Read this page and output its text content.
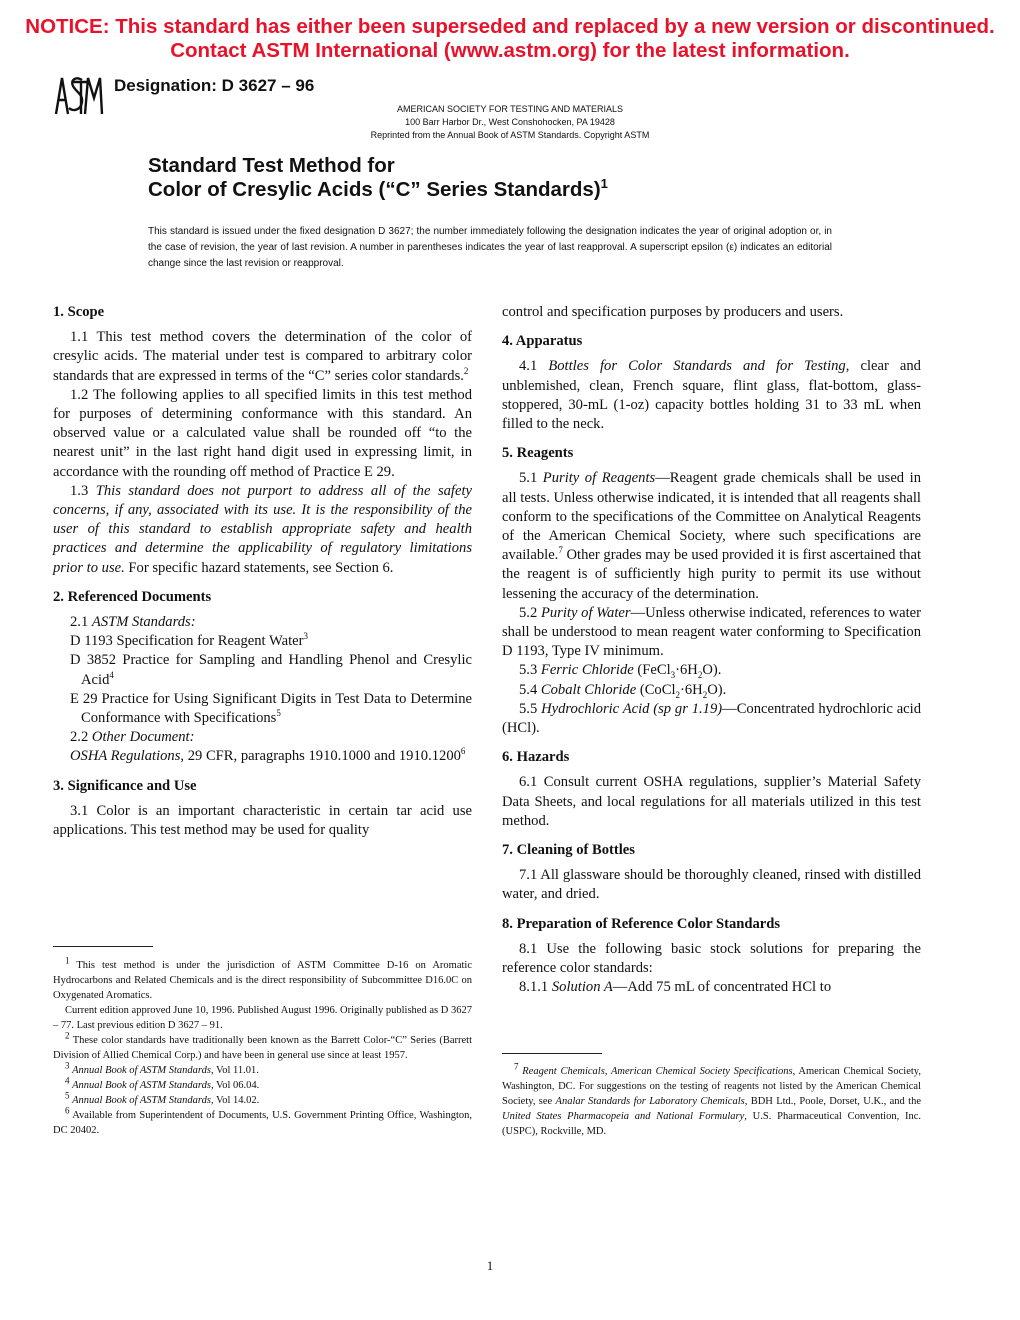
NOTICE: This standard has either been superseded and replaced by a new version or discontinued.
Contact ASTM International (www.astm.org) for the latest information.
Designation: D 3627 – 96
AMERICAN SOCIETY FOR TESTING AND MATERIALS
100 Barr Harbor Dr., West Conshohocken, PA 19428
Reprinted from the Annual Book of ASTM Standards. Copyright ASTM
Standard Test Method for
Color of Cresylic Acids (“C” Series Standards)$^1$
This standard is issued under the fixed designation D 3627; the number immediately following the designation indicates the year of original adoption or, in the case of revision, the year of last revision. A number in parentheses indicates the year of last reapproval. A superscript epsilon (ε) indicates an editorial change since the last revision or reapproval.
1. Scope

1.1 This test method covers the determination of the color of cresylic acids. The material under test is compared to arbitrary color standards that are expressed in terms of the “C” series color standards.$^2$

1.2 The following applies to all specified limits in this test method for purposes of determining conformance with this standard. An observed value or a calculated value shall be rounded off “to the nearest unit” in the last right hand digit used in expressing limit, in accordance with the rounding off method of Practice E 29.

1.3 This standard does not purport to address all of the safety concerns, if any, associated with its use. It is the responsibility of the user of this standard to establish appropriate safety and health practices and determine the applicability of regulatory limitations prior to use. For specific hazard statements, see Section 6.

2. Referenced Documents

2.1 ASTM Standards:

D 1193 Specification for Reagent Water$^3$

D 3852 Practice for Sampling and Handling Phenol and Cresylic Acid$^4$

E 29 Practice for Using Significant Digits in Test Data to Determine Conformance with Specifications$^5$

2.2 Other Document:

OSHA Regulations, 29 CFR, paragraphs 1910.1000 and 1910.1200$^6$

3. Significance and Use

3.1 Color is an important characteristic in certain tar acid use applications. This test method may be used for quality

$^1$ This test method is under the jurisdiction of ASTM Committee D-16 on Aromatic Hydrocarbons and Related Chemicals and is the direct responsibility of Subcommittee D16.0C on Oxygenated Aromatics.

Current edition approved June 10, 1996. Published August 1996. Originally published as D 3627 – 77. Last previous edition D 3627 – 91.

$^2$ These color standards have traditionally been known as the Barrett Color-“C” Series (Barrett Division of Allied Chemical Corp.) and have been in general use since at least 1957.

$^3$ Annual Book of ASTM Standards, Vol 11.01.

$^4$ Annual Book of ASTM Standards, Vol 06.04.

$^5$ Annual Book of ASTM Standards, Vol 14.02.

$^6$ Available from Superintendent of Documents, U.S. Government Printing Office, Washington, DC 20402.

control and specification purposes by producers and users.

4. Apparatus

4.1 Bottles for Color Standards and for Testing, clear and unblemished, clean, French square, flint glass, flat-bottom, glass-stoppered, 30-mL (1-oz) capacity bottles holding 31 to 33 mL when filled to the neck.

5. Reagents

5.1 Purity of Reagents—Reagent grade chemicals shall be used in all tests. Unless otherwise indicated, it is intended that all reagents shall conform to the specifications of the Committee on Analytical Reagents of the American Chemical Society, where such specifications are available.$^7$ Other grades may be used provided it is first ascertained that the reagent is of sufficiently high purity to permit its use without lessening the accuracy of the determination.

5.2 Purity of Water—Unless otherwise indicated, references to water shall be understood to mean reagent water conforming to Specification D 1193, Type IV minimum.

5.3 Ferric Chloride $(FeCl_3\cdot 6H_2O)$.

5.4 Cobalt Chloride $(CoCl_2\cdot 6H_2O)$.

5.5 Hydrochloric Acid (sp gr 1.19)—Concentrated hydrochloric acid (HCl).

6. Hazards

6.1 Consult current OSHA regulations, supplier’s Material Safety Data Sheets, and local regulations for all materials utilized in this test method.

7. Cleaning of Bottles

7.1 All glassware should be thoroughly cleaned, rinsed with distilled water, and dried.

8. Preparation of Reference Color Standards

8.1 Use the following basic stock solutions for preparing the reference color standards:

8.1.1 Solution A—Add 75 mL of concentrated HCl to

$^7$ Reagent Chemicals, American Chemical Society Specifications, American Chemical Society, Washington, DC. For suggestions on the testing of reagents not listed by the American Chemical Society, see Analar Standards for Laboratory Chemicals, BDH Ltd., Poole, Dorset, U.K., and the United States Pharmacopeia and National Formulary, U.S. Pharmaceutical Convention, Inc. (USPC), Rockville, MD.

1
